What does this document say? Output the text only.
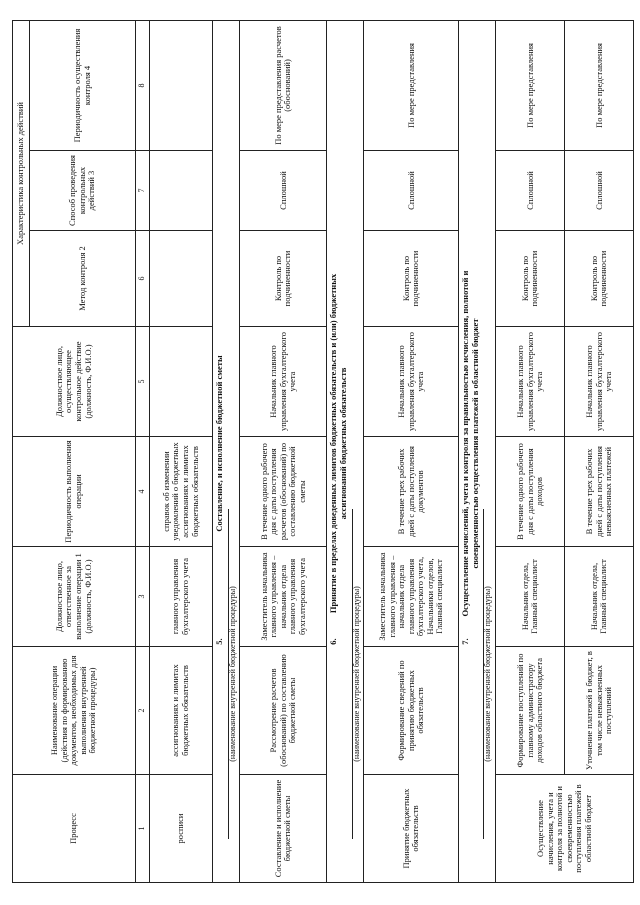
Процесс	Наименование операции (действия по формированию документов, необходимых для выполнения внутренней бюджетной процедуры)	Должностное лицо, ответственное за выполнение операции 1 (должность, Ф.И.О.)	Периодичность выполнения операции	Должностное лицо, осуществляющее контрольное действие (должность, Ф.И.О.)	Характеристика контрольных действий		
					Метод контроля 2	Способ проведения контрольных действий 3	Периодичность осуществления контроля 4
1	2	3	4	5	6	7	8
росписи	ассигнованиях и лимитах бюджетных обязательств	главного управления бухгалтерского учета	справок об изменении уведомлений о бюджетных ассигнованиях и лимитах бюджетных обязательств				
5.Составление, и исполнение бюджетной сметы
(наименование внутренней бюджетной процедуры)							

Составление и исполнение бюджетной сметы	Рассмотрение расчетов (обоснований) по составлению бюджетной сметы	Заместитель начальника главного управления – начальник отдела главного управления бухгалтерского учета	В течение одного рабочего дня с даты поступления расчетов (обоснований) по составлению бюджетной сметы	Начальник главного управления бухгалтерского учета	Контроль по подчиненности	Сплошной	По мере представления расчетов (обоснований)
6.Принятие в пределах доведенных лимитов бюджетных обязательств и (или) бюджетных ассигнований бюджетных обязательств
(наименование внутренней бюджетной процедуры)							

Принятие бюджетных обязательств	Формирование сведений по принятию бюджетных обязательств	Заместитель начальника главного управления – начальник отдела главного управления бухгалтерского учета, Начальники отделов, Главный специалист	В течение трех рабочих дней с даты поступления документов	Начальник главного управления бухгалтерского учета	Контроль по подчиненности	Сплошной	По мере представления
7.Осуществление начислений, учета и контроля за правильностью исчисления, полнотой и своевременностью осуществления платежей в областной бюджет
(наименование внутренней бюджетной процедуры)							

Осуществление начисления, учета и контроля за полнотой и своевременностью поступления платежей в областной бюджет	Формирование поступлений по главному администратору доходов областного бюджета	Начальник отдела, Главный специалист	В течение одного рабочего дня с даты поступления доходов	Начальник главного управления бухгалтерского учета	Контроль по подчиненности	Сплошной	По мере представления
	Уточнение платежей в бюджет, в том числе невыясненных поступлений	Начальник отдела, Главный специалист	В течение трех рабочих дней с даты поступления невыясненных платежей	Начальник главного управления бухгалтерского учета	Контроль по подчиненности	Сплошной	По мере представления
